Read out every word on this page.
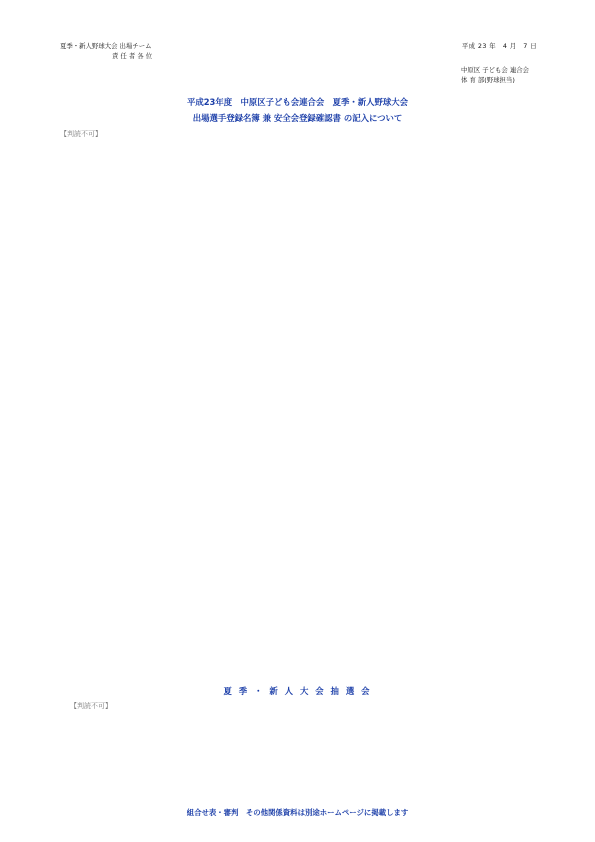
夏季・新人野球大会 出場チーム
責 任 者 各 位
平成 23 年　4 月　7 日
中原区 子ども会 連合会
体 育 部(野球担当)
平成23年度　中原区子ども会連合会　夏季・新人野球大会
出場選手登録名簿 兼 安全会登録確認書 の記入について
【判読不可】
夏 季 ・ 新 人 大 会 抽 選 会
【判読不可】
組合せ表・審判　その他関係資料は別途ホームページに掲載します
